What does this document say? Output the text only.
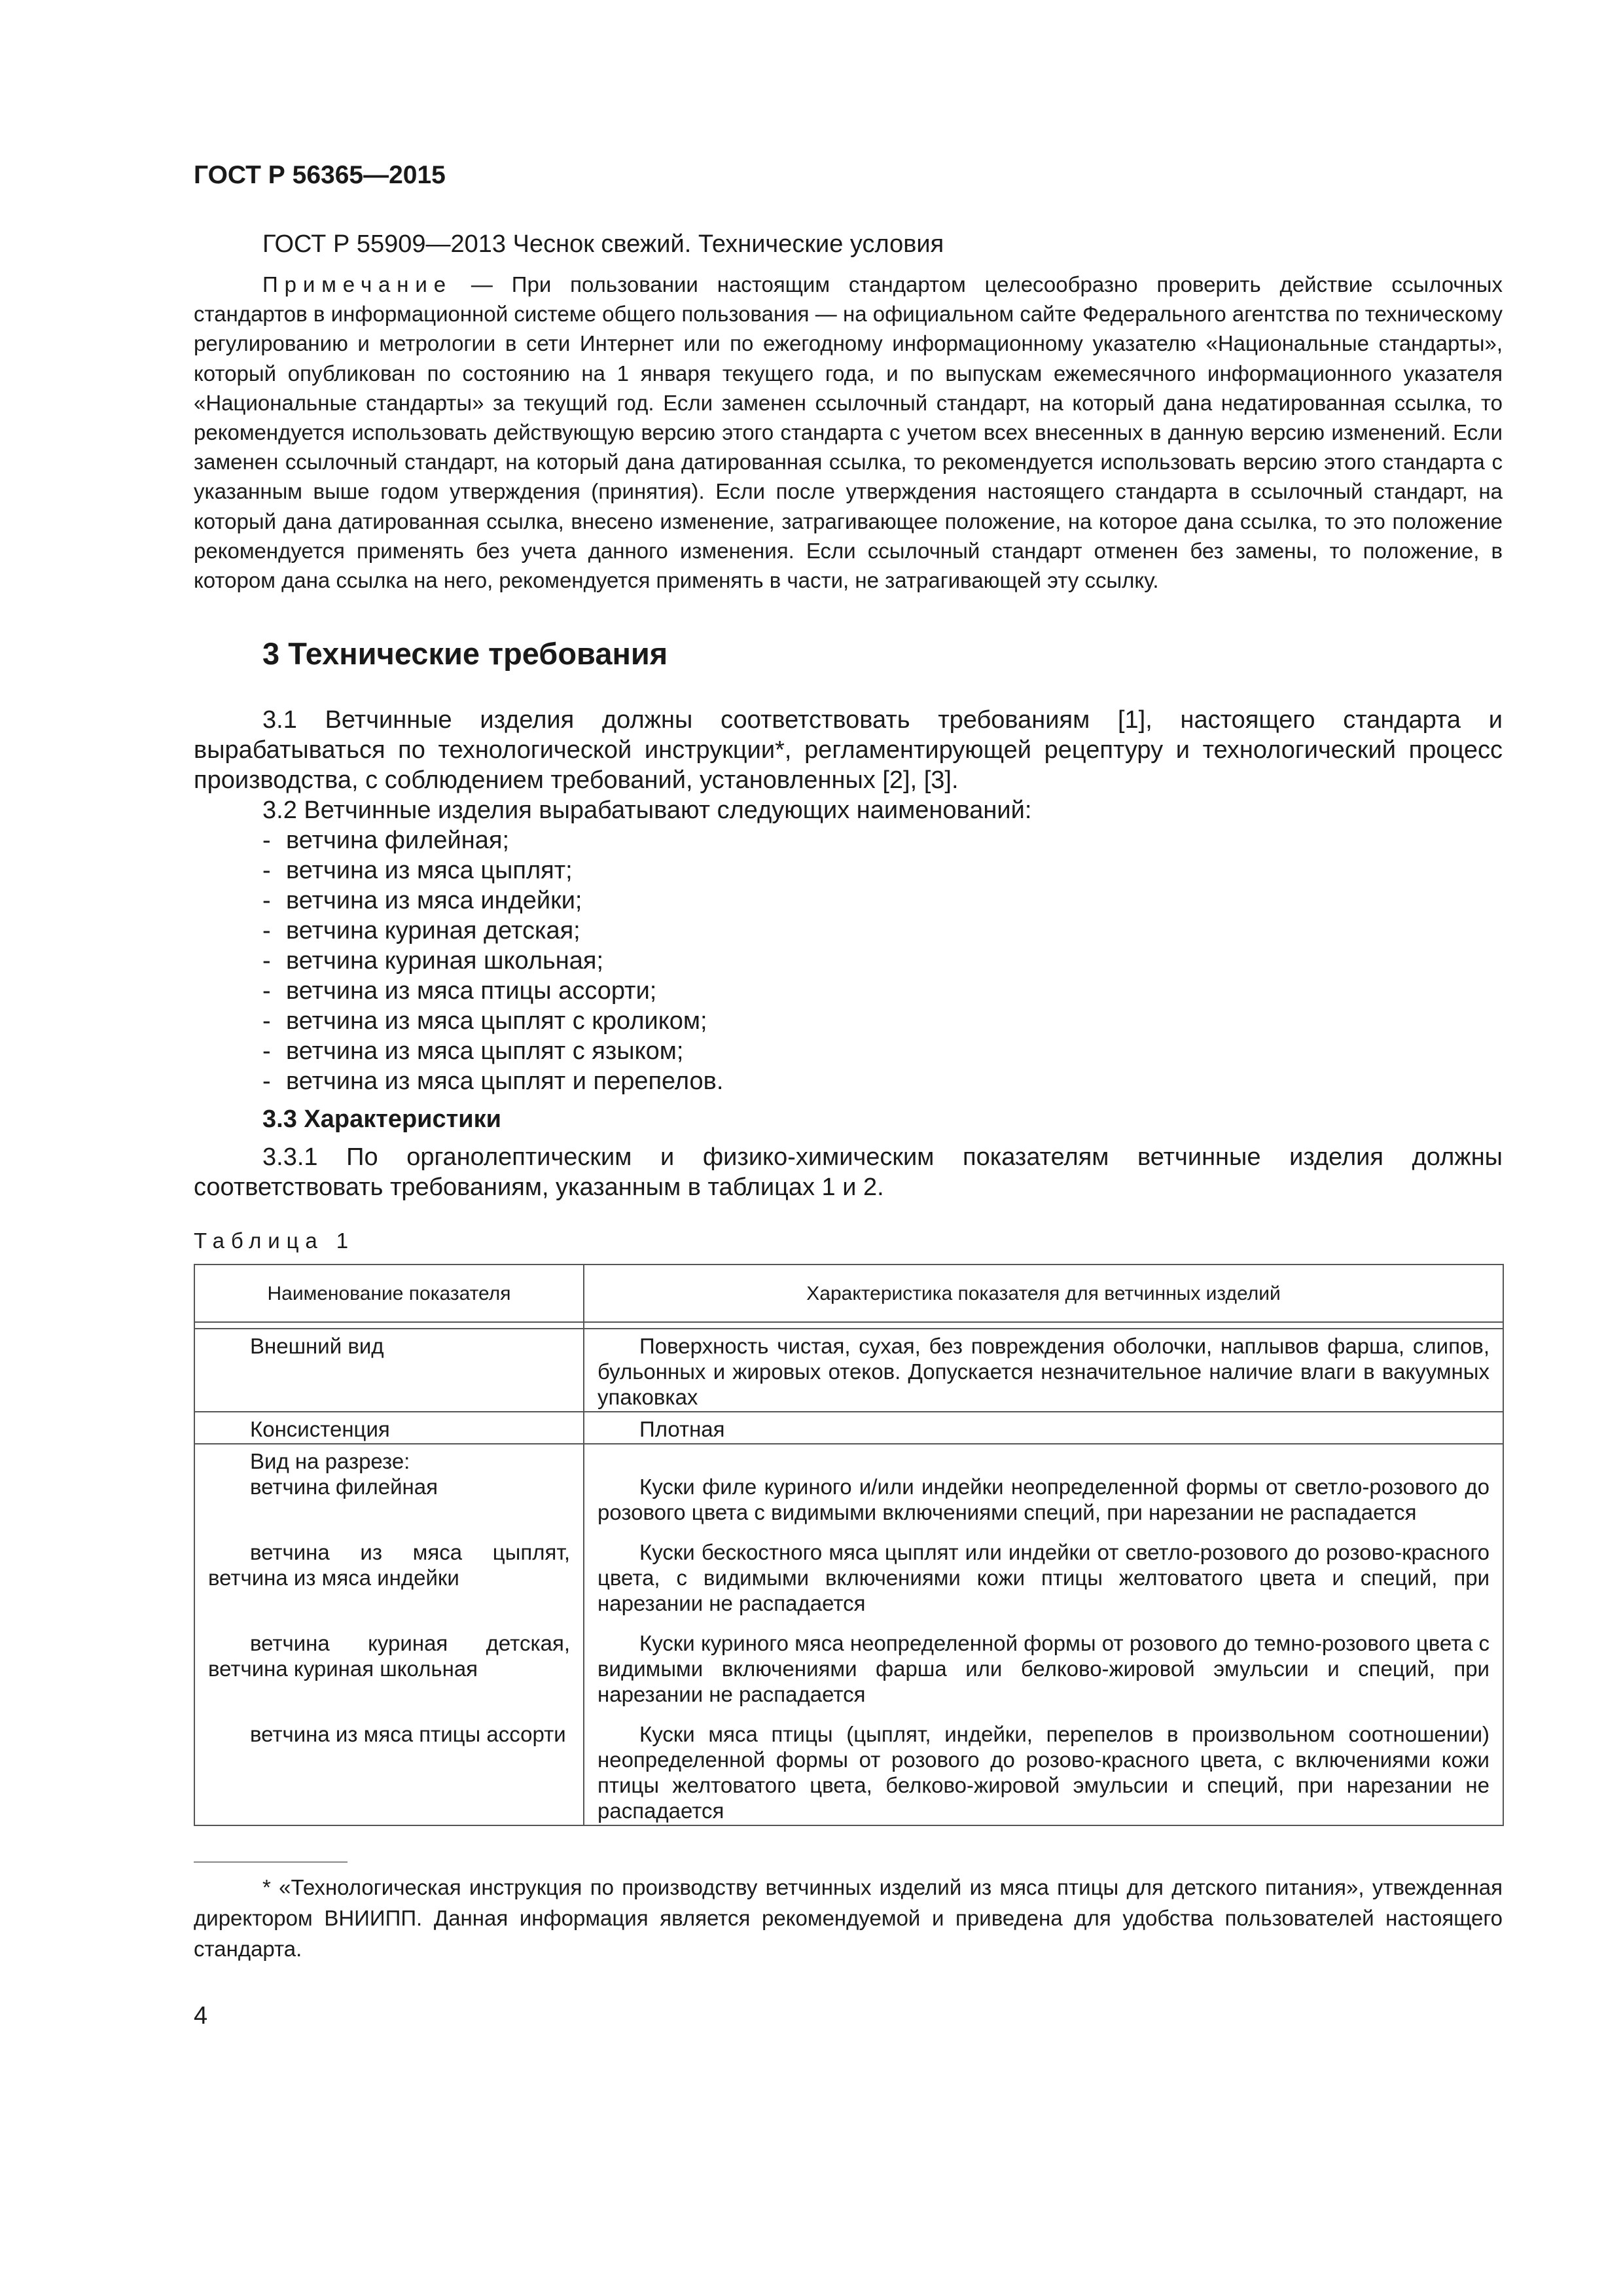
ГОСТ Р 56365—2015

ГОСТ Р 55909—2013 Чеснок свежий. Технические условия

Примечание — При пользовании настоящим стандартом целесообразно проверить действие ссылочных стандартов в информационной системе общего пользования — на официальном сайте Федерального агентства по техническому регулированию и метрологии в сети Интернет или по ежегодному информационному указателю «Национальные стандарты», который опубликован по состоянию на 1 января текущего года, и по выпускам ежемесячного информационного указателя «Национальные стандарты» за текущий год. Если заменен ссылочный стандарт, на который дана недатированная ссылка, то рекомендуется использовать действующую версию этого стандарта с учетом всех внесенных в данную версию изменений. Если заменен ссылочный стандарт, на который дана датированная ссылка, то рекомендуется использовать версию этого стандарта с указанным выше годом утверждения (принятия). Если после утверждения настоящего стандарта в ссылочный стандарт, на который дана датированная ссылка, внесено изменение, затрагивающее положение, на которое дана ссылка, то это положение рекомендуется применять без учета данного изменения. Если ссылочный стандарт отменен без замены, то положение, в котором дана ссылка на него, рекомендуется применять в части, не затрагивающей эту ссылку.

3 Технические требования

3.1 Ветчинные изделия должны соответствовать требованиям [1], настоящего стандарта и вырабатываться по технологической инструкции*, регламентирующей рецептуру и технологический процесс производства, с соблюдением требований, установленных [2], [3].

3.2 Ветчинные изделия вырабатывают следующих наименований:

- ветчина филейная;
- ветчина из мяса цыплят;
- ветчина из мяса индейки;
- ветчина куриная детская;
- ветчина куриная школьная;
- ветчина из мяса птицы ассорти;
- ветчина из мяса цыплят с кроликом;
- ветчина из мяса цыплят с языком;
- ветчина из мяса цыплят и перепелов.
3.3 Характеристики

3.3.1 По органолептическим и физико-химическим показателям ветчинные изделия должны соответствовать требованиям, указанным в таблицах 1 и 2.

Таблица 1
Наименование показателя	Характеристика показателя для ветчинных изделий

Внешний вид	Поверхность чистая, сухая, без повреждения оболочки, наплывов фарша, слипов, бульонных и жировых отеков. Допускается незначительное наличие влаги в вакуумных упаковках

Консистенция	Плотная

Вид на разрезе:
ветчина филейная	Куски филе куриного и/или индейки неопределенной формы от светло-розового до розового цвета с видимыми включениями специй, при нарезании не распадается

ветчина из мяса цыплят, ветчина из мяса индейки	Куски бескостного мяса цыплят или индейки от светло-розового до розово-красного цвета, с видимыми включениями кожи птицы желтоватого цвета и специй, при нарезании не распадается

ветчина куриная детская, ветчина куриная школьная	Куски куриного мяса неопределенной формы от розового до темно-розового цвета с видимыми включениями фарша или белково-жировой эмульсии и специй, при нарезании не распадается

ветчина из мяса птицы ассорти	Куски мяса птицы (цыплят, индейки, перепелов в произвольном соотношении) неопределенной формы от розового до розово-красного цвета, с включениями кожи птицы желтоватого цвета, белково-жировой эмульсии и специй, при нарезании не распадается

* «Технологическая инструкция по производству ветчинных изделий из мяса птицы для детского питания», утвежденная директором ВНИИПП. Данная информация является рекомендуемой и приведена для удобства пользователей настоящего стандарта.

4
